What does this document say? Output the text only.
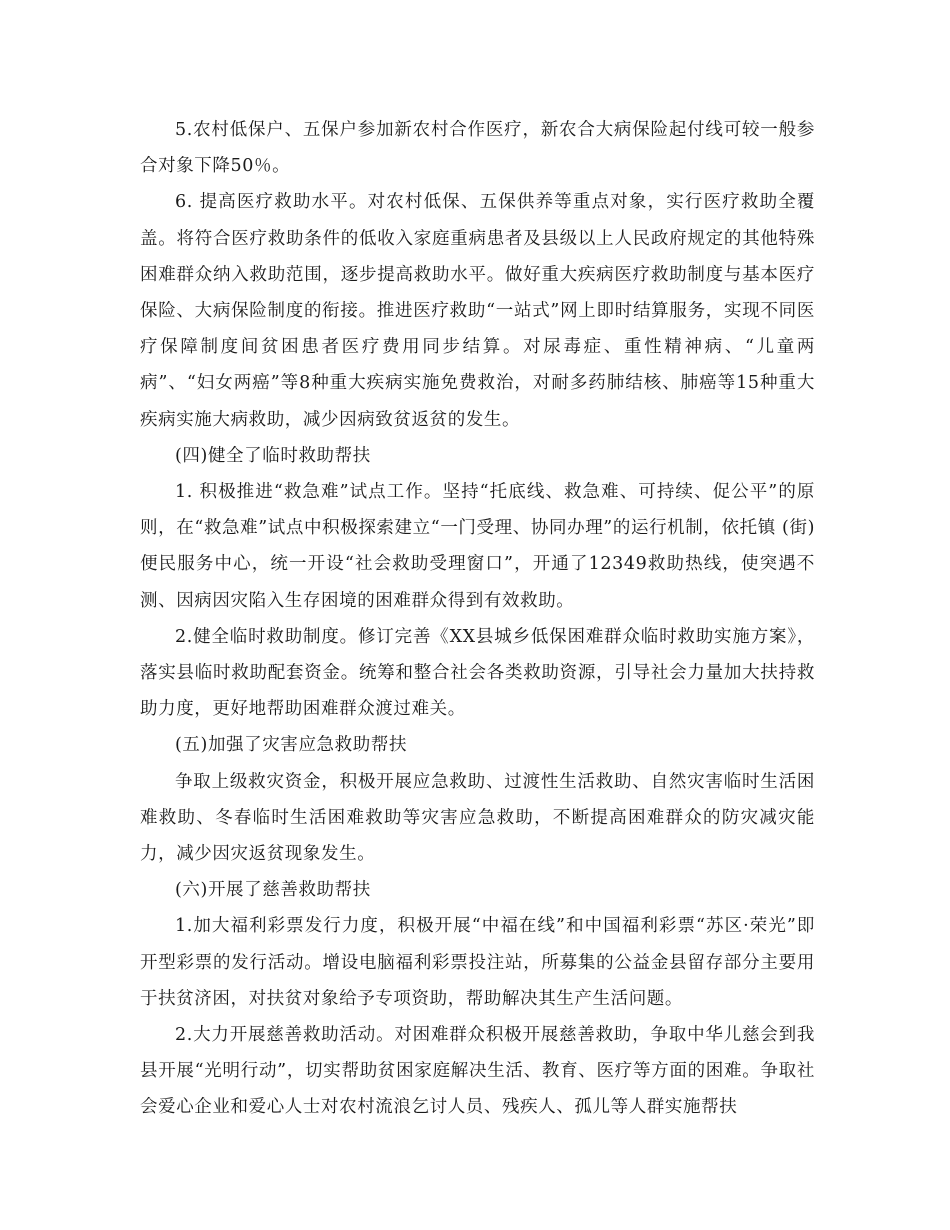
5.农村低保户、五保户参加新农村合作医疗，新农合大病保险起付线可较一般参合对象下降50％。

6. 提高医疗救助水平。对农村低保、五保供养等重点对象，实行医疗救助全覆盖。将符合医疗救助条件的低收入家庭重病患者及县级以上人民政府规定的其他特殊困难群众纳入救助范围，逐步提高救助水平。做好重大疾病医疗救助制度与基本医疗保险、大病保险制度的衔接。推进医疗救助“一站式”网上即时结算服务，实现不同医疗保障制度间贫困患者医疗费用同步结算。对尿毒症、重性精神病、“儿童两病”、“妇女两癌”等8种重大疾病实施免费救治，对耐多药肺结核、肺癌等15种重大疾病实施大病救助，减少因病致贫返贫的发生。

(四)健全了临时救助帮扶

1. 积极推进“救急难”试点工作。坚持“托底线、救急难、可持续、促公平”的原则，在“救急难”试点中积极探索建立“一门受理、协同办理”的运行机制，依托镇 (街)便民服务中心，统一开设“社会救助受理窗口”，开通了12349救助热线，使突遇不测、因病因灾陷入生存困境的困难群众得到有效救助。

2.健全临时救助制度。修订完善《XX县城乡低保困难群众临时救助实施方案》，落实县临时救助配套资金。统筹和整合社会各类救助资源，引导社会力量加大扶持救助力度，更好地帮助困难群众渡过难关。

(五)加强了灾害应急救助帮扶

争取上级救灾资金，积极开展应急救助、过渡性生活救助、自然灾害临时生活困难救助、冬春临时生活困难救助等灾害应急救助，不断提高困难群众的防灾减灾能力，减少因灾返贫现象发生。

(六)开展了慈善救助帮扶

1.加大福利彩票发行力度，积极开展“中福在线”和中国福利彩票“苏区·荣光”即开型彩票的发行活动。增设电脑福利彩票投注站，所募集的公益金县留存部分主要用于扶贫济困，对扶贫对象给予专项资助，帮助解决其生产生活问题。

2.大力开展慈善救助活动。对困难群众积极开展慈善救助，争取中华儿慈会到我县开展“光明行动”，切实帮助贫困家庭解决生活、教育、医疗等方面的困难。争取社会爱心企业和爱心人士对农村流浪乞讨人员、残疾人、孤儿等人群实施帮扶
